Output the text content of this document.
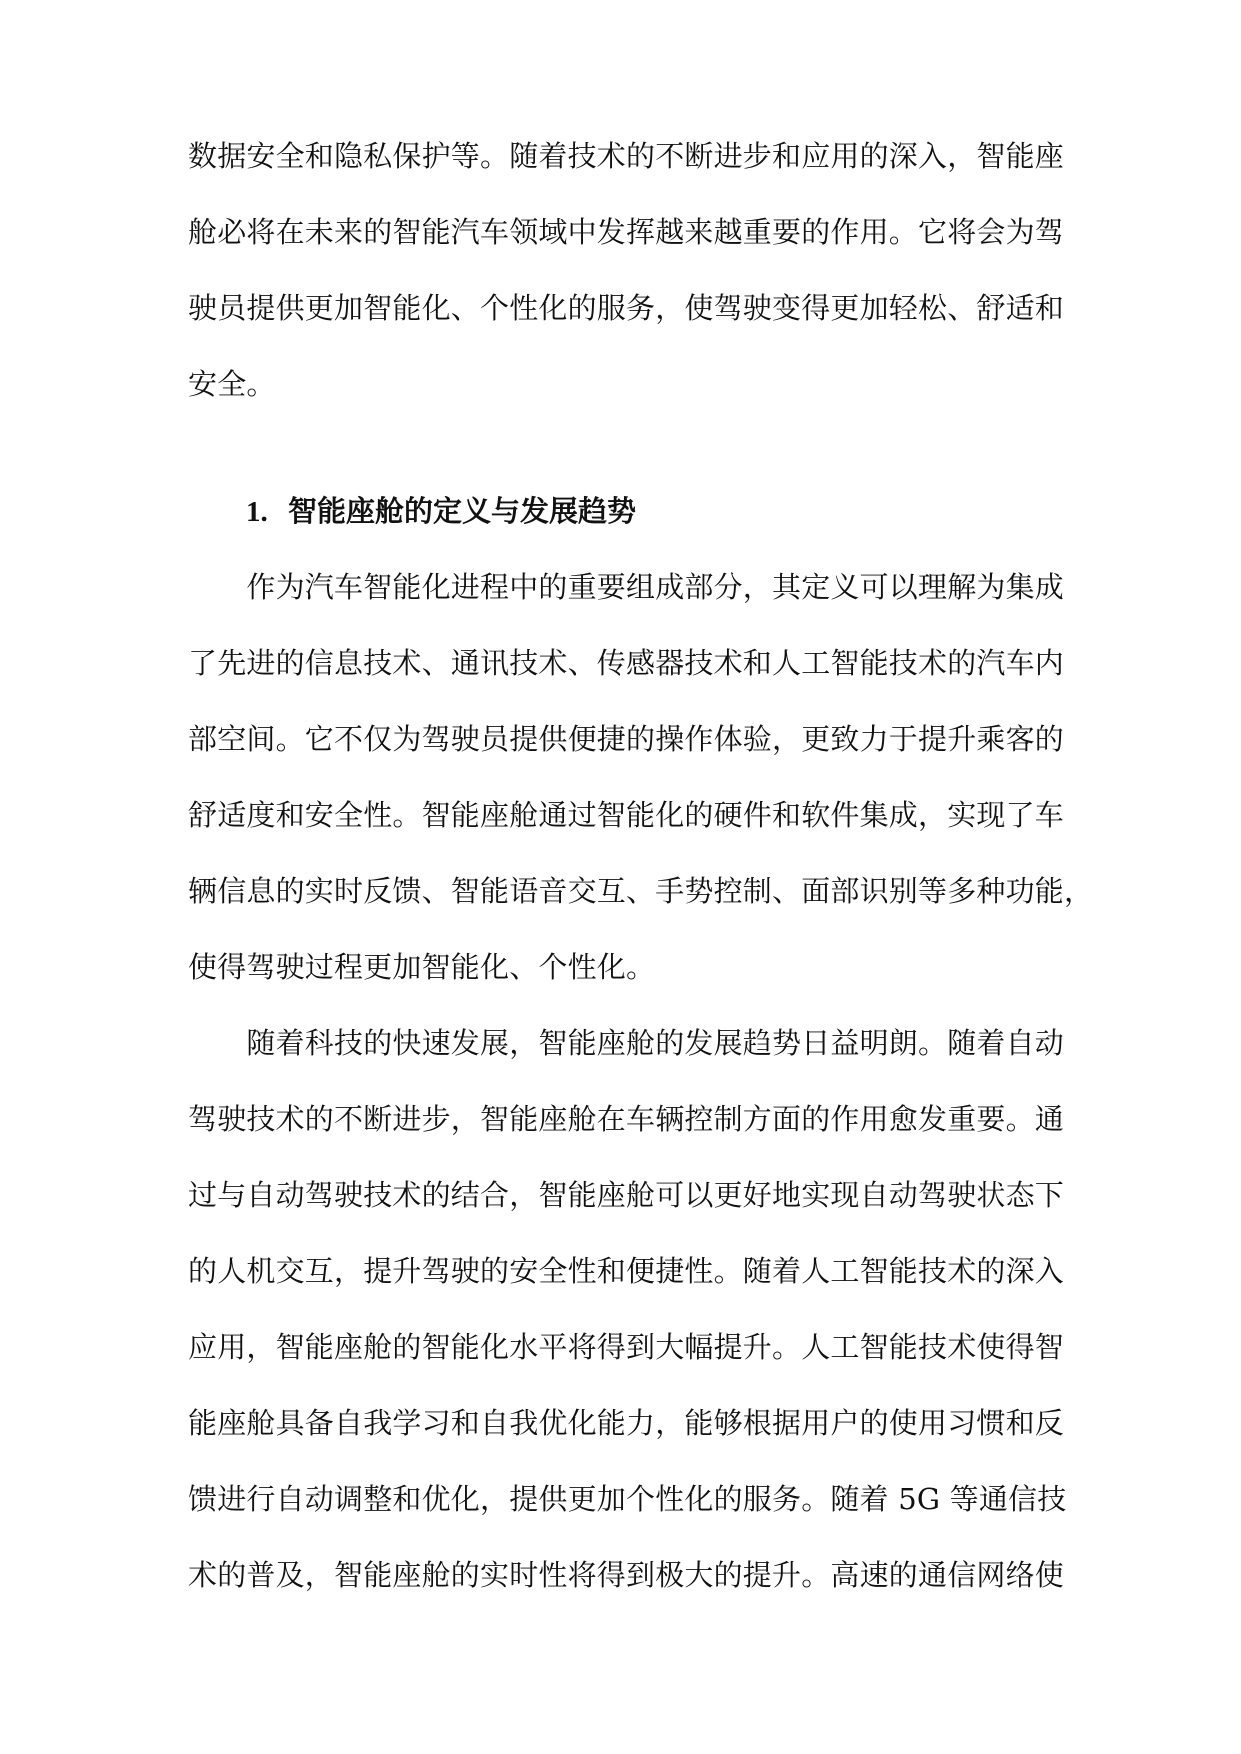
数据安全和隐私保护等。随着技术的不断进步和应用的深入，智能座
舱必将在未来的智能汽车领域中发挥越来越重要的作用。它将会为驾
驶员提供更加智能化、个性化的服务，使驾驶变得更加轻松、舒适和
安全。
1. 智能座舱的定义与发展趋势
　　作为汽车智能化进程中的重要组成部分，其定义可以理解为集成
了先进的信息技术、通讯技术、传感器技术和人工智能技术的汽车内
部空间。它不仅为驾驶员提供便捷的操作体验，更致力于提升乘客的
舒适度和安全性。智能座舱通过智能化的硬件和软件集成，实现了车
辆信息的实时反馈、智能语音交互、手势控制、面部识别等多种功能，
使得驾驶过程更加智能化、个性化。
　　随着科技的快速发展，智能座舱的发展趋势日益明朗。随着自动
驾驶技术的不断进步，智能座舱在车辆控制方面的作用愈发重要。通
过与自动驾驶技术的结合，智能座舱可以更好地实现自动驾驶状态下
的人机交互，提升驾驶的安全性和便捷性。随着人工智能技术的深入
应用，智能座舱的智能化水平将得到大幅提升。人工智能技术使得智
能座舱具备自我学习和自我优化能力，能够根据用户的使用习惯和反
馈进行自动调整和优化，提供更加个性化的服务。随着 5G 等通信技
术的普及，智能座舱的实时性将得到极大的提升。高速的通信网络使
